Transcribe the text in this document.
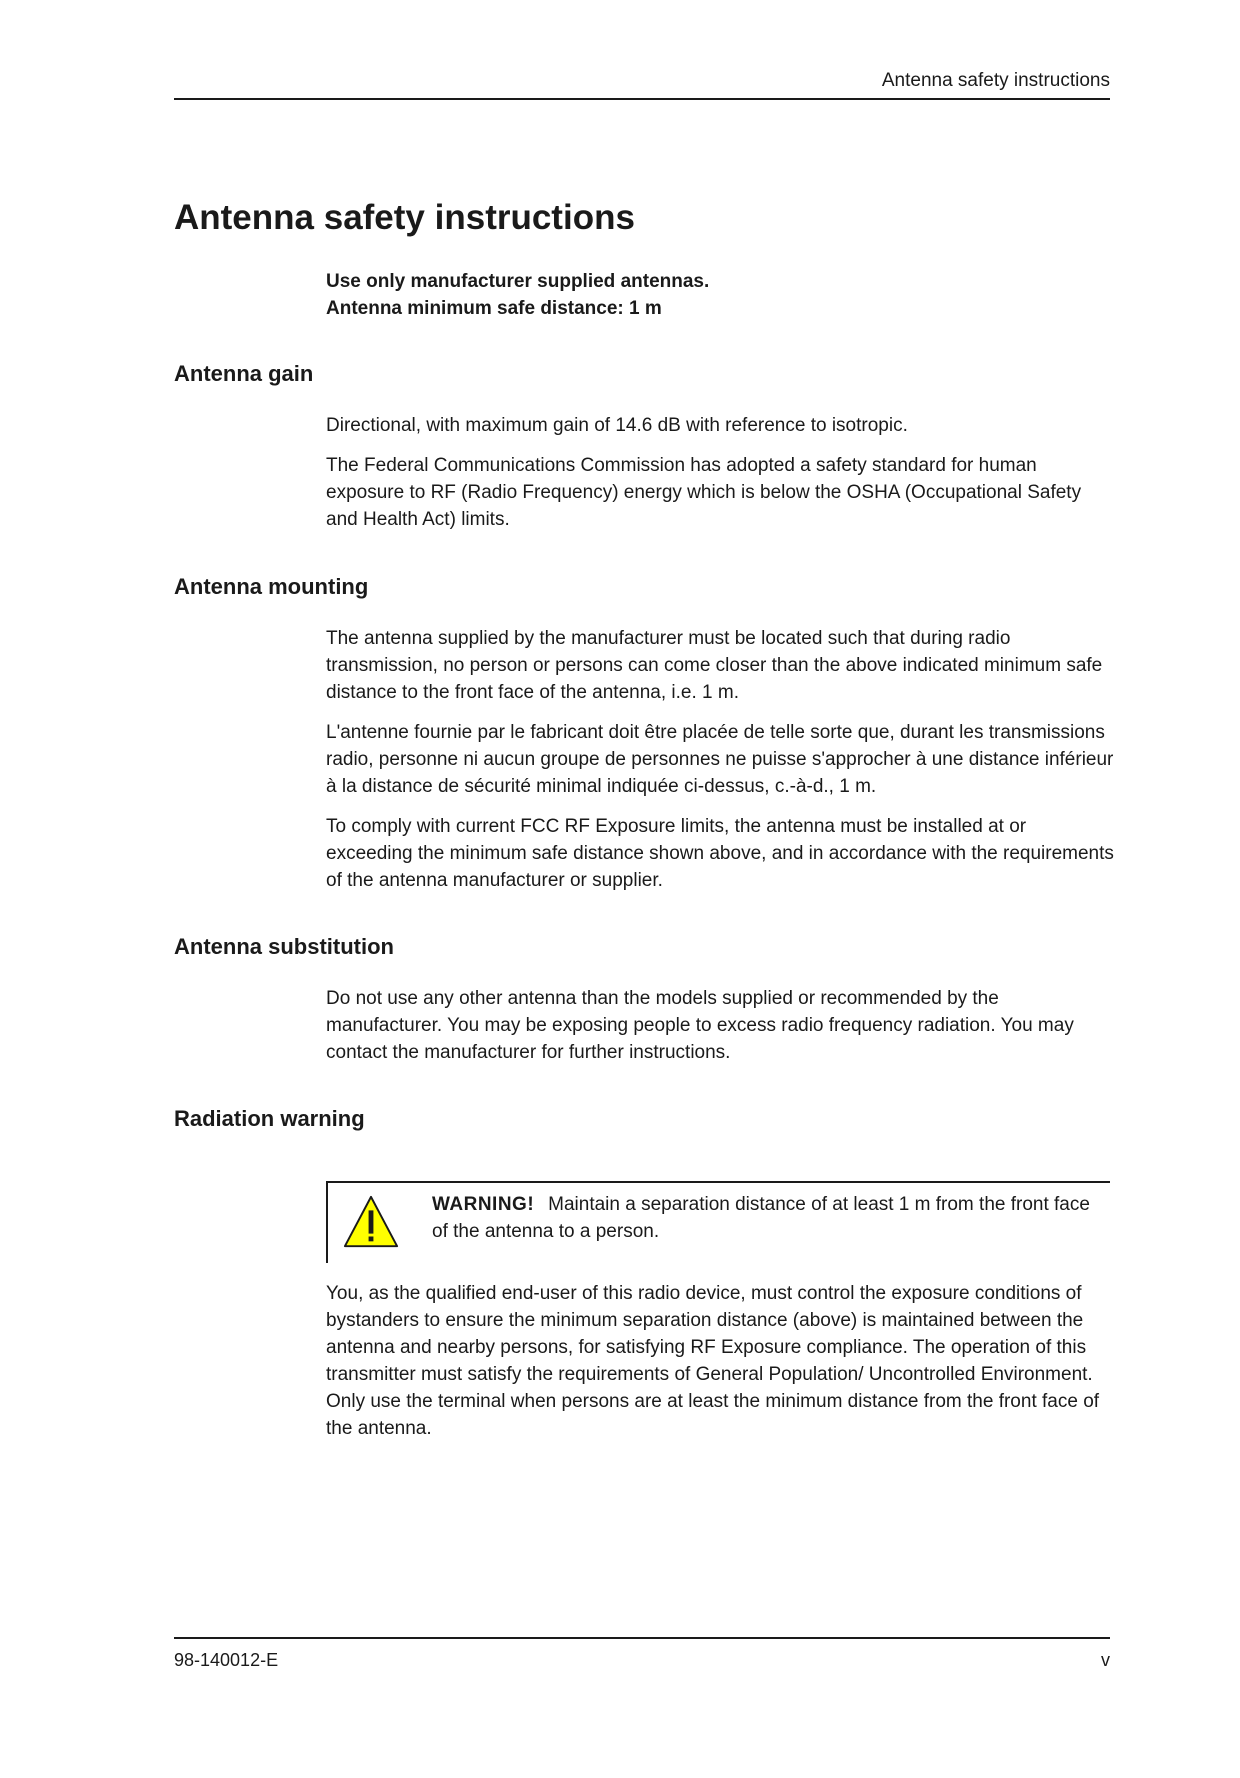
Antenna safety instructions
Antenna safety instructions
Use only manufacturer supplied antennas.
Antenna minimum safe distance: 1 m
Antenna gain

Directional, with maximum gain of 14.6 dB with reference to isotropic.

The Federal Communications Commission has adopted a safety standard for human exposure to RF (Radio Frequency) energy which is below the OSHA (Occupational Safety and Health Act) limits.

Antenna mounting

The antenna supplied by the manufacturer must be located such that during radio transmission, no person or persons can come closer than the above indicated minimum safe distance to the front face of the antenna, i.e. 1 m.

L'antenne fournie par le fabricant doit être placée de telle sorte que, durant les transmissions radio, personne ni aucun groupe de personnes ne puisse s'approcher à une distance inférieur à la distance de sécurité minimal indiquée ci-dessus, c.-à-d., 1 m.

To comply with current FCC RF Exposure limits, the antenna must be installed at or exceeding the minimum safe distance shown above, and in accordance with the requirements of the antenna manufacturer or supplier.

Antenna substitution

Do not use any other antenna than the models supplied or recommended by the manufacturer. You may be exposing people to excess radio frequency radiation. You may contact the manufacturer for further instructions.

Radiation warning
WARNING! Maintain a separation distance of at least 1 m from the front face of the antenna to a person.

You, as the qualified end-user of this radio device, must control the exposure conditions of bystanders to ensure the minimum separation distance (above) is maintained between the antenna and nearby persons, for satisfying RF Exposure compliance. The operation of this transmitter must satisfy the requirements of General Population/ Uncontrolled Environment. Only use the terminal when persons are at least the minimum distance from the front face of the antenna.

98-140012-E	v
